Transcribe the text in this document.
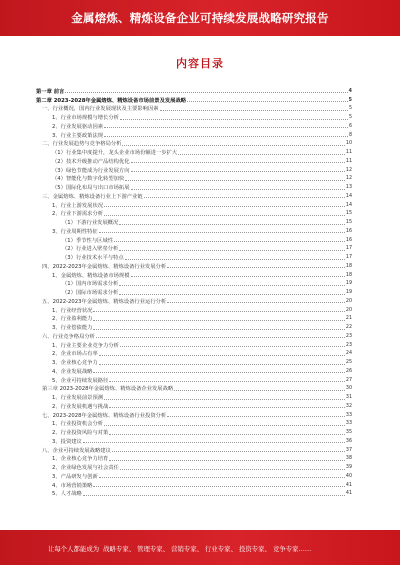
金属熔炼、精炼设备企业可持续发展战略研究报告
内容目录
第一章 前言	4
第二章 2023-2028年金属熔炼、精炼设备市场前景及发展战略	5
一、行业概况，国内行业发展现状及主要影响因素	5
1、行业市场规模与增长分析	5
2、行业发展驱动因素	6
3、行业主要政策法规	8
二、行业发展趋势与竞争格局分析	10
（1）行业集中度提升，龙头企业市场份额进一步扩大	11
（2）技术升级推动产品结构优化	11
（3）绿色节能成为行业发展方向	12
（4）智能化与数字化转型加快	12
（5）国际化布局与出口市场拓展	13
三、金属熔炼、精炼设备行业上下游产业链	14
1、行业上游发展状况	14
2、行业下游需求分析	15
（1）下游行业发展概况	15
3、行业周期性特征	16
（1）季节性与区域性	16
（2）行业进入壁垒分析	17
（3）行业技术水平与特点	17
四、2022-2023年金属熔炼、精炼设备行业发展分析	18
1、金属熔炼、精炼设备市场规模	18
（1）国内市场需求分析	19
（2）国际市场需求分析	19
五、2022-2023年金属熔炼、精炼设备行业运行分析	20
1、行业经营状况	20
2、行业盈利能力	21
3、行业偿债能力	22
六、行业竞争格局分析	23
1、行业主要企业竞争力分析	23
2、企业市场占有率	24
3、企业核心竞争力	25
4、企业发展战略	26
5、企业可持续发展路径	27
第三章 2023-2028年金属熔炼、精炼设备企业发展战略	30
1、行业发展前景预测	31
2、行业发展机遇与挑战	32
七、2023-2028年金属熔炼、精炼设备行业投资分析	33
1、行业投资机会分析	33
2、行业投资风险与对策	35
3、投资建议	36
八、企业可持续发展战略建议	37
1、企业核心竞争力培育	38
2、企业绿色发展与社会责任	39
3、产品研发与创新	40
4、市场营销策略	41
5、人才战略	41
让每个人都能成为 战略专家、 管理专家、 营销专家、 行业专家、 投资专家、 竞争专家……
